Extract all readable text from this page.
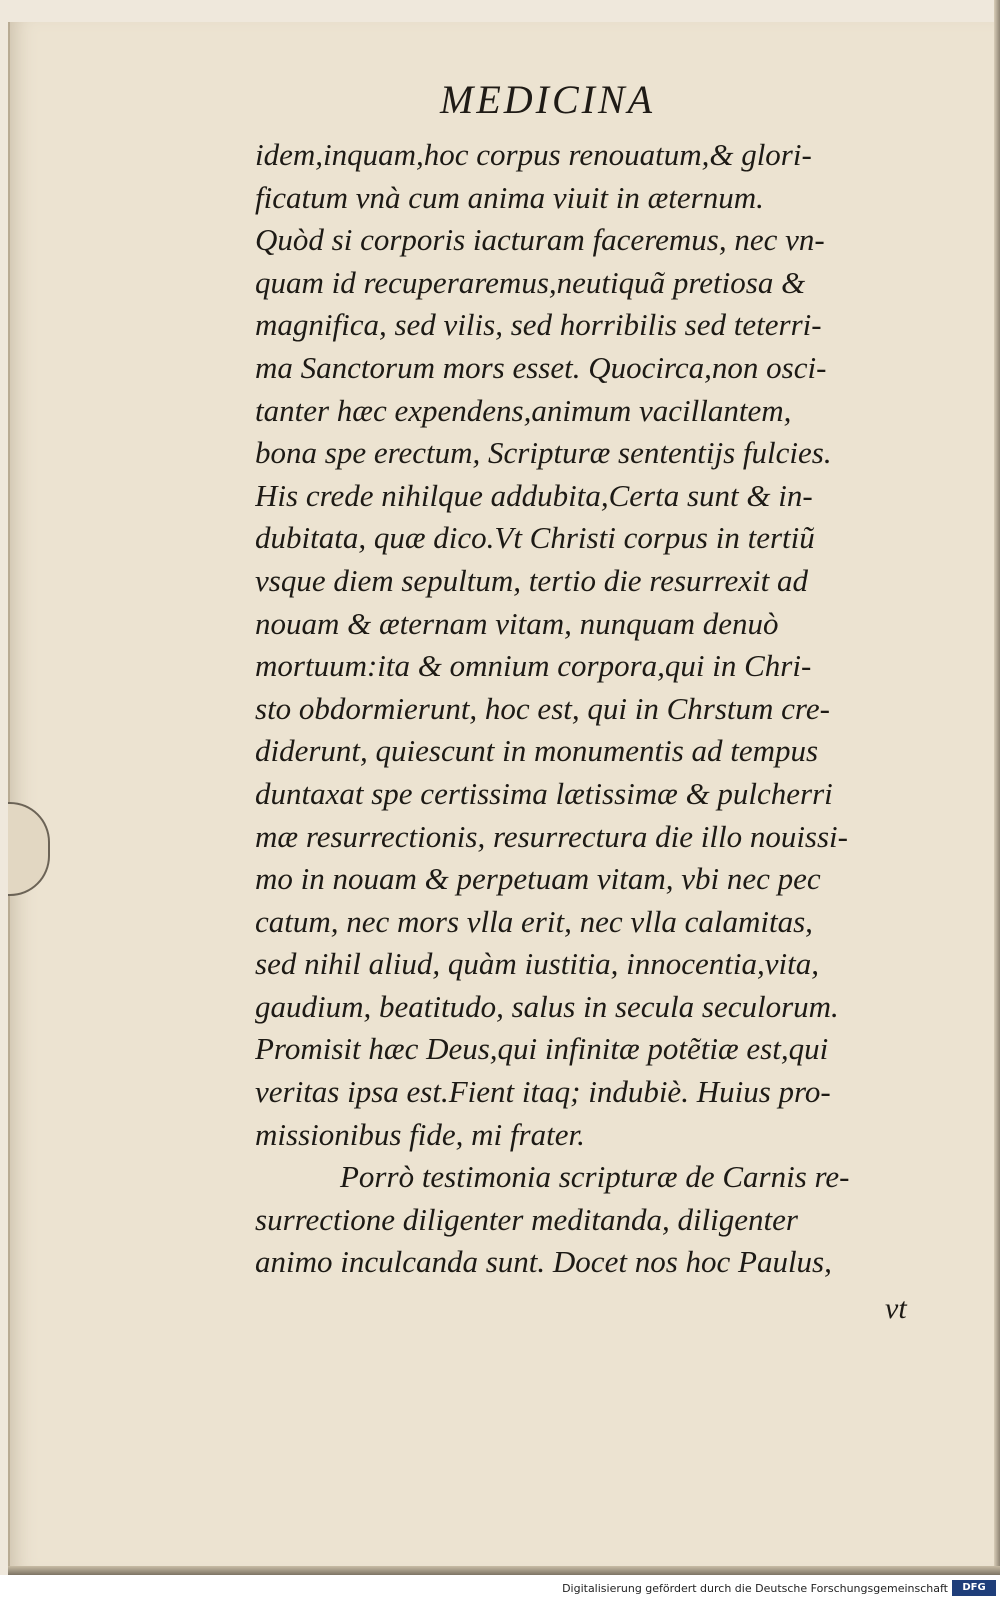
MEDICINA
idem,inquam,hoc corpus renouatum,& glori-
ficatum vnà cum anima viuit in æternum.
Quòd si corporis iacturam faceremus, nec vn-
quam id recuperaremus,neutiquã pretiosa &
magnifica, sed vilis, sed horribilis sed teterri-
ma Sanctorum mors esset. Quocirca,non osci-
tanter hæc expendens,animum vacillantem,
bona spe erectum, Scripturæ sententijs fulcies.
His crede nihilque addubita,Certa sunt & in-
dubitata, quæ dico.Vt Christi corpus in tertiũ
vsque diem sepultum, tertio die resurrexit ad
nouam & æternam vitam, nunquam denuò
mortuum:ita & omnium corpora,qui in Chri-
sto obdormierunt, hoc est, qui in Chrstum cre-
diderunt, quiescunt in monumentis ad tempus
duntaxat spe certissima lætissimæ & pulcherri
mæ resurrectionis, resurrectura die illo nouissi-
mo in nouam & perpetuam vitam, vbi nec pec
catum, nec mors vlla erit, nec vlla calamitas,
sed nihil aliud, quàm iustitia, innocentia,vita,
gaudium, beatitudo, salus in secula seculorum.
Promisit hæc Deus,qui infinitæ potẽtiæ est,qui
veritas ipsa est.Fient itaq; indubiè. Huius pro-
missionibus fide, mi frater.
Porrò testimonia scripturæ de Carnis re-
surrectione diligenter meditanda, diligenter
animo inculcanda sunt. Docet nos hoc Paulus,
vt
Digitalisierung gefördert durch die Deutsche Forschungsgemeinschaft	DFG
